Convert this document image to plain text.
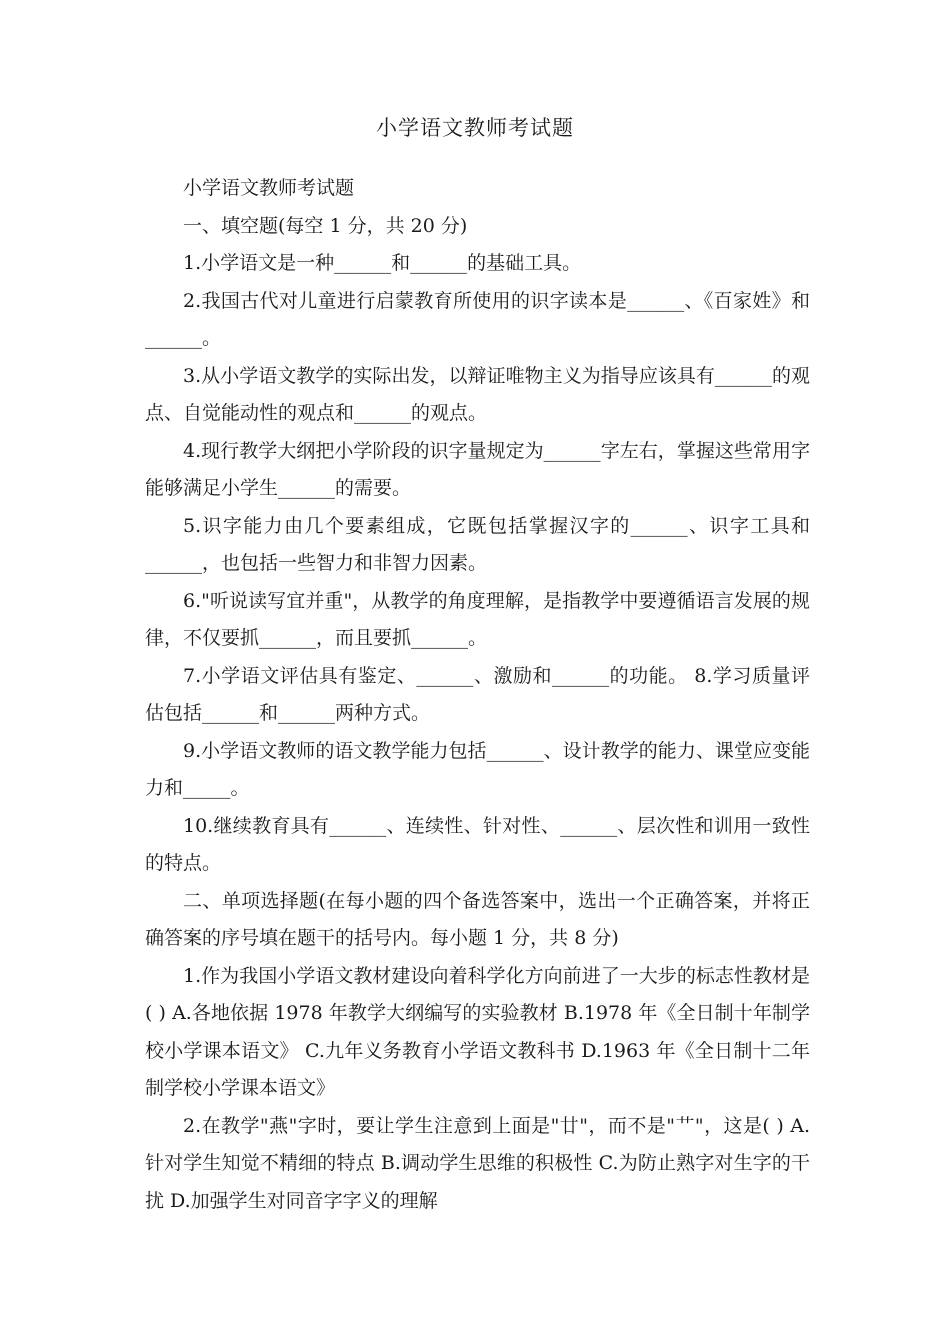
小学语文教师考试题

小学语文教师考试题

一、填空题(每空 1 分，共 20 分)

1.小学语文是一种______和______的基础工具。

2.我国古代对儿童进行启蒙教育所使用的识字读本是______、《百家姓》和______。

3.从小学语文教学的实际出发，以辩证唯物主义为指导应该具有______的观点、自觉能动性的观点和______的观点。

4.现行教学大纲把小学阶段的识字量规定为______字左右，掌握这些常用字能够满足小学生______的需要。

5.识字能力由几个要素组成，它既包括掌握汉字的______、识字工具和______，也包括一些智力和非智力因素。

6."听说读写宜并重"，从教学的角度理解，是指教学中要遵循语言发展的规律，不仅要抓______，而且要抓______。

7.小学语文评估具有鉴定、______、激励和______的功能。 8.学习质量评估包括______和______两种方式。

9.小学语文教师的语文教学能力包括______、设计教学的能力、课堂应变能力和_____。

10.继续教育具有______、连续性、针对性、______、层次性和训用一致性的特点。

二、单项选择题(在每小题的四个备选答案中，选出一个正确答案，并将正确答案的序号填在题干的括号内。每小题 1 分，共 8 分)

1.作为我国小学语文教材建设向着科学化方向前进了一大步的标志性教材是( ) A.各地依据 1978 年教学大纲编写的实验教材 B.1978 年《全日制十年制学校小学课本语文》 C.九年义务教育小学语文教科书 D.1963 年《全日制十二年制学校小学课本语文》

2.在教学"燕"字时，要让学生注意到上面是"廿"，而不是"艹"，这是( ) A.针对学生知觉不精细的特点 B.调动学生思维的积极性 C.为防止熟字对生字的干扰 D.加强学生对同音字字义的理解
